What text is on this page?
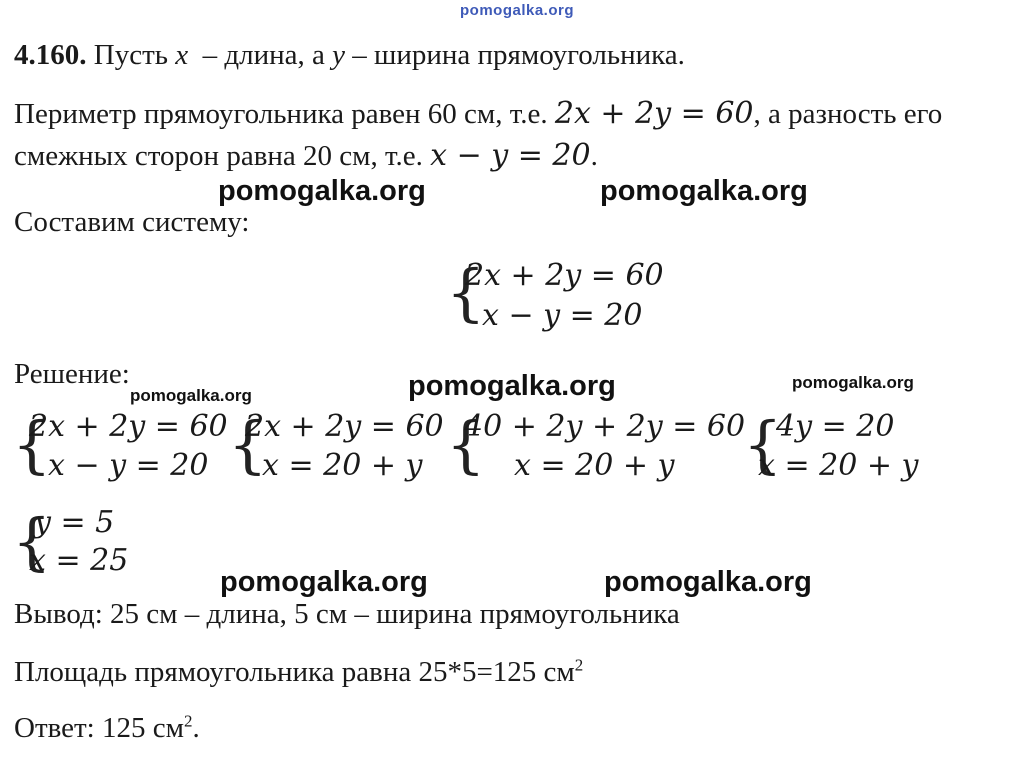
pomogalka.org
4.160. Пусть x – длина, а y – ширина прямоугольника.
Периметр прямоугольника равен 60 см, т.е. 2x + 2y = 60, а разность его
смежных сторон равна 20 см, т.е. x − y = 20.
pomogalka.org	pomogalka.org
Составим систему:
{
2x + 2y = 60
x − y = 20
Решение:
pomogalka.org	pomogalka.org	pomogalka.org
{
2x + 2y = 60
x − y = 20 {
2x + 2y = 60
x = 20 + y {
40 + 2y + 2y = 60
x = 20 + y {
4y = 20
x = 20 + y
{
y = 5
x = 25
pomogalka.org	pomogalka.org
Вывод: 25 см – длина, 5 см – ширина прямоугольника
Площадь прямоугольника равна 25*5=125 $см^2$
Ответ: 125 $см^2$.
